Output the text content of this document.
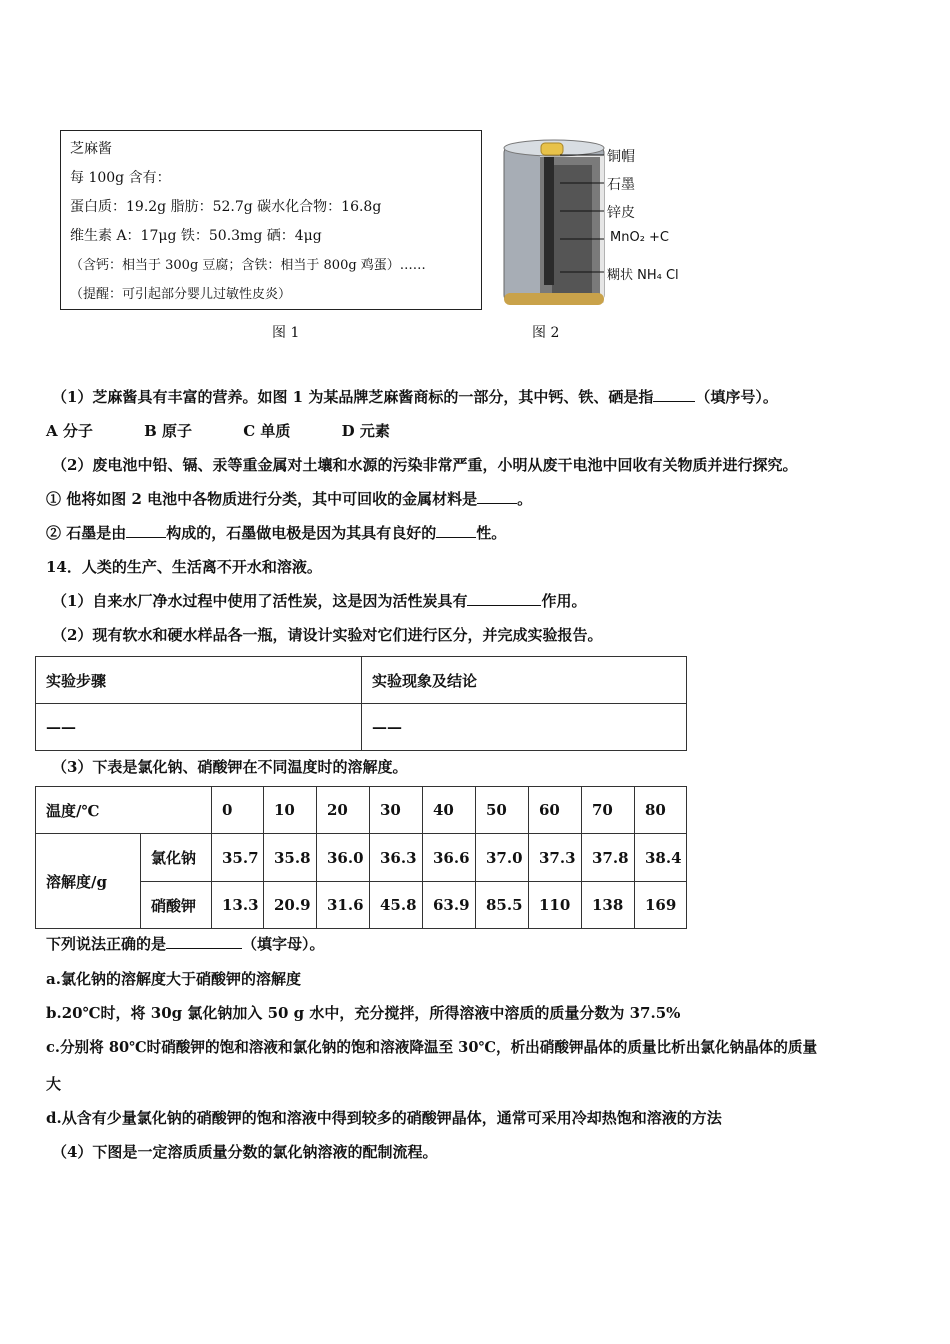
芝麻酱
每 100g 含有：
蛋白质：19.2g 脂肪：52.7g 碳水化合物：16.8g
维生素 A：17μg 铁：50.3mg 硒：4μg
（含钙：相当于 300g 豆腐；含铁：相当于 800g 鸡蛋）……
（提醒：可引起部分婴儿过敏性皮炎）
图 1
铜帽
石墨
锌皮
MnO₂ +C
糊状 NH₄ Cl
图 2
（1）芝麻酱具有丰富的营养。如图 1 为某品牌芝麻酱商标的一部分，其中钙、铁、硒是指	（填序号）。
A 分子	B 原子	C 单质	D 元素
（2）废电池中铅、镉、汞等重金属对土壤和水源的污染非常严重，小明从废干电池中回收有关物质并进行探究。
① 他将如图 2 电池中各物质进行分类，其中可回收的金属材料是	。
② 石墨是由	构成的，石墨做电极是因为其具有良好的	性。
14．人类的生产、生活离不开水和溶液。
（1）自来水厂净水过程中使用了活性炭，这是因为活性炭具有	作用。
（2）现有软水和硬水样品各一瓶，请设计实验对它们进行区分，并完成实验报告。
实验步骤	实验现象及结论
——	——
（3）下表是氯化钠、硝酸钾在不同温度时的溶解度。
温度/℃		0	10	20	30	40	50	60	70	80
溶解度/g	氯化钠	35.7	35.8	36.0	36.3	36.6	37.0	37.3	37.8	38.4
	硝酸钾	13.3	20.9	31.6	45.8	63.9	85.5	110	138	169
下列说法正确的是	（填字母）。
a.氯化钠的溶解度大于硝酸钾的溶解度
b.20℃时，将 30g 氯化钠加入 50 g 水中，充分搅拌，所得溶液中溶质的质量分数为 37.5%
c.分别将 80℃时硝酸钾的饱和溶液和氯化钠的饱和溶液降温至 30℃，析出硝酸钾晶体的质量比析出氯化钠晶体的质量
大
d.从含有少量氯化钠的硝酸钾的饱和溶液中得到较多的硝酸钾晶体，通常可采用冷却热饱和溶液的方法
（4）下图是一定溶质质量分数的氯化钠溶液的配制流程。
